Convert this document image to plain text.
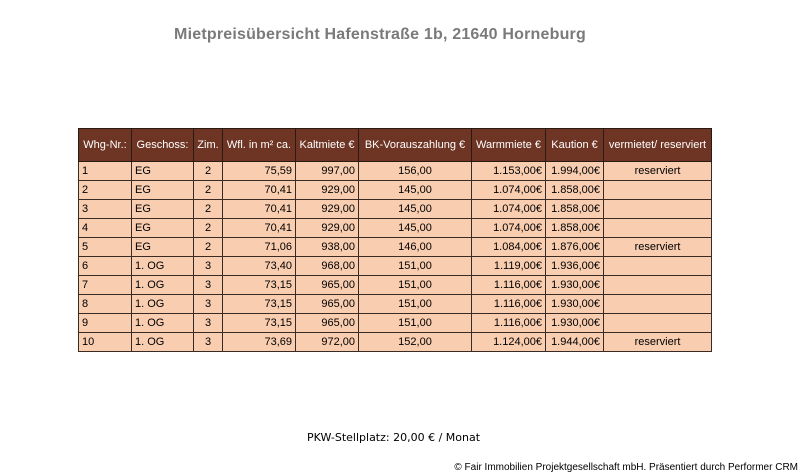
Mietpreisübersicht Hafenstraße 1b, 21640 Horneburg
Whg-Nr.:	Geschoss:	Zim.	Wfl. in m² ca.	Kaltmiete €	BK-Vorauszahlung €	Warmmiete €	Kaution €	vermietet/ reserviert
1	EG	2	75,59	997,00	156,00	1.153,00€	1.994,00€	reserviert
2	EG	2	70,41	929,00	145,00	1.074,00€	1.858,00€	
3	EG	2	70,41	929,00	145,00	1.074,00€	1.858,00€	
4	EG	2	70,41	929,00	145,00	1.074,00€	1.858,00€	
5	EG	2	71,06	938,00	146,00	1.084,00€	1.876,00€	reserviert
6	1. OG	3	73,40	968,00	151,00	1.119,00€	1.936,00€	
7	1. OG	3	73,15	965,00	151,00	1.116,00€	1.930,00€	
8	1. OG	3	73,15	965,00	151,00	1.116,00€	1.930,00€	
9	1. OG	3	73,15	965,00	151,00	1.116,00€	1.930,00€	
10	1. OG	3	73,69	972,00	152,00	1.124,00€	1.944,00€	reserviert
PKW-Stellplatz: 20,00 € / Monat
© Fair Immobilien Projektgesellschaft mbH. Präsentiert durch Performer CRM
